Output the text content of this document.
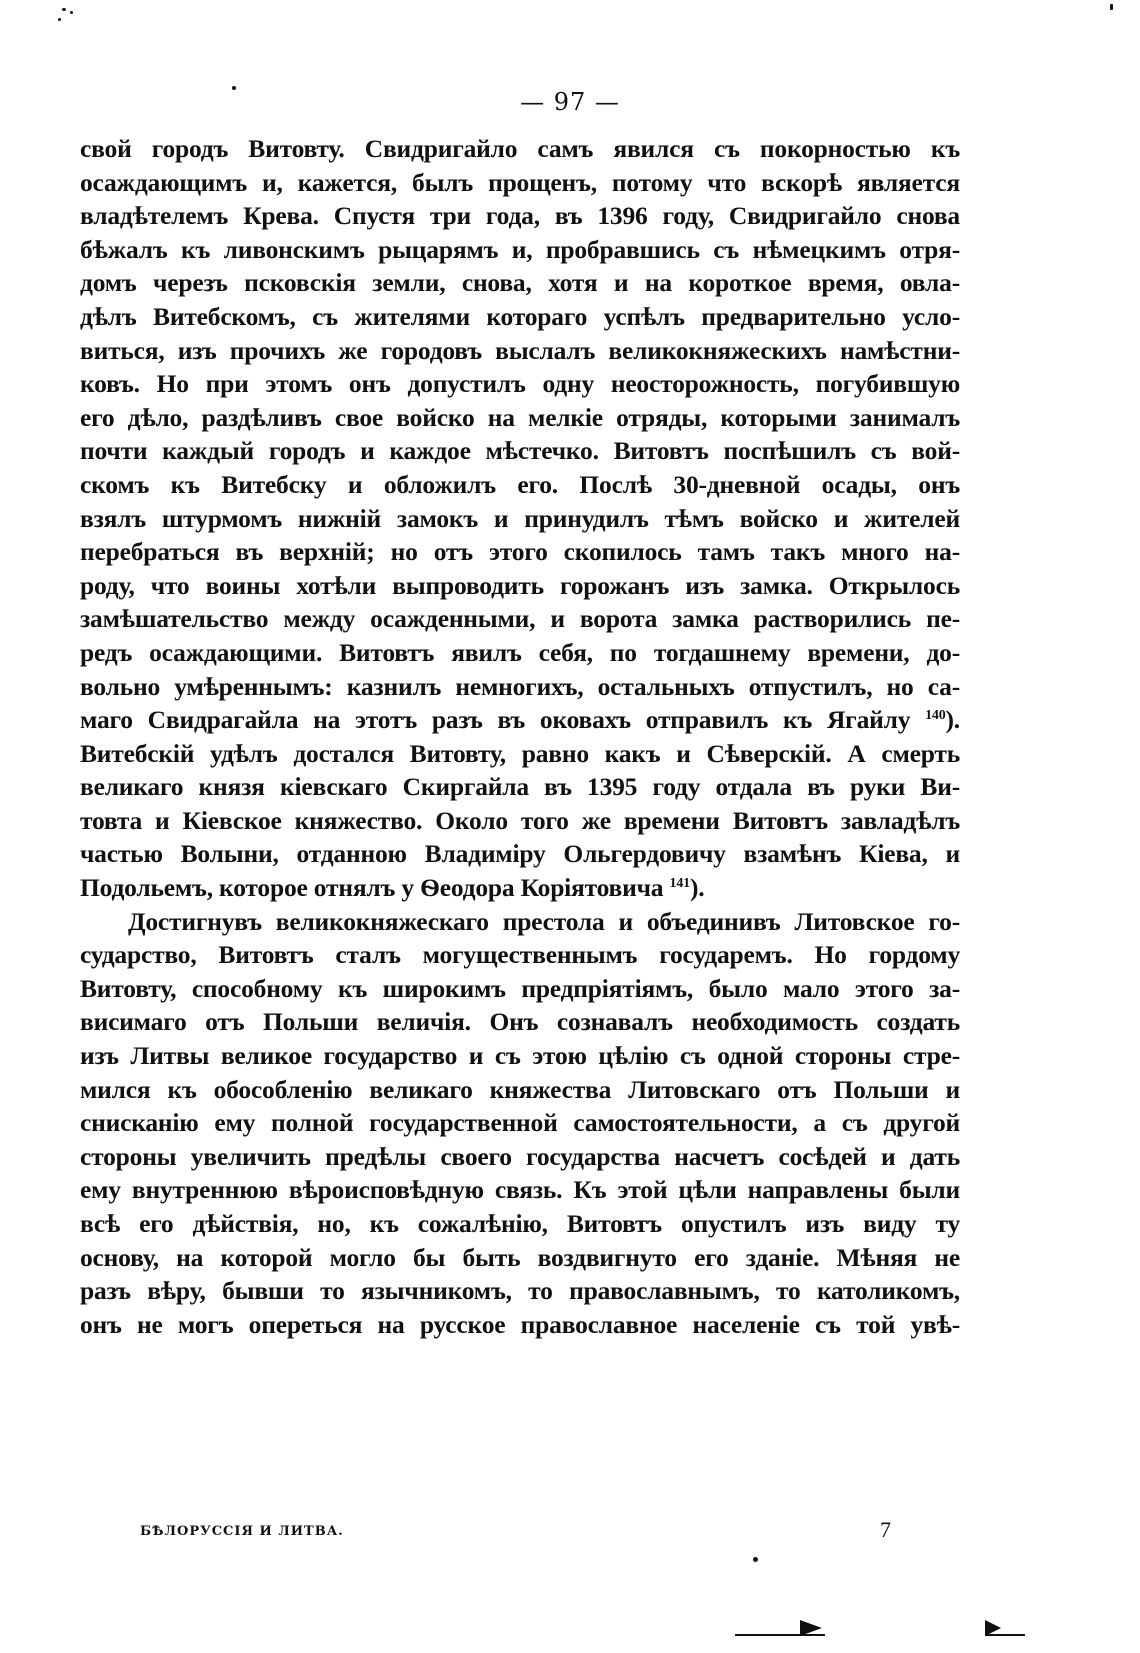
— 97 —
свой городъ Витовту. Свидригайло самъ явился съ покорностью къ
осаждающимъ и, кажется, былъ прощенъ, потому что вскорѣ является
владѣтелемъ Крева. Спустя три года, въ 1396 году, Свидригайло снова
бѣжалъ къ ливонскимъ рыцарямъ и, пробравшись съ нѣмецкимъ отря-
домъ черезъ псковскія земли, снова, хотя и на короткое время, овла-
дѣлъ Витебскомъ, съ жителями котораго успѣлъ предварительно усло-
виться, изъ прочихъ же городовъ выслалъ великокняжескихъ намѣстни-
ковъ. Но при этомъ онъ допустилъ одну неосторожность, погубившую
его дѣло, раздѣливъ свое войско на мелкіе отряды, которыми занималъ
почти каждый городъ и каждое мѣстечко. Витовтъ поспѣшилъ съ вой-
скомъ къ Витебску и обложилъ его. Послѣ 30-дневной осады, онъ
взялъ штурмомъ нижній замокъ и принудилъ тѣмъ войско и жителей
перебраться въ верхній; но отъ этого скопилось тамъ такъ много на-
роду, что воины хотѣли выпроводить горожанъ изъ замка. Открылось
замѣшательство между осажденными, и ворота замка растворились пе-
редъ осаждающими. Витовтъ явилъ себя, по тогдашнему времени, до-
вольно умѣреннымъ: казнилъ немногихъ, остальныхъ отпустилъ, но са-
маго Свидрагайла на этотъ разъ въ оковахъ отправилъ къ Ягайлу $^{140}$).
Витебскій удѣлъ достался Витовту, равно какъ и Сѣверскій. А смерть
великаго князя кіевскаго Скиргайла въ 1395 году отдала въ руки Ви-
товта и Кіевское княжество. Около того же времени Витовтъ завладѣлъ
частью Волыни, отданною Владиміру Ольгердовичу взамѣнъ Кіева, и
Подольемъ, которое отнялъ у Ѳеодора Коріятовича $^{141}$).
Достигнувъ великокняжескаго престола и объединивъ Литовское го-
сударство, Витовтъ сталъ могущественнымъ государемъ. Но гордому
Витовту, способному къ широкимъ предпріятіямъ, было мало этого за-
висимаго отъ Польши величія. Онъ сознавалъ необходимость создать
изъ Литвы великое государство и съ этою цѣлію съ одной стороны стре-
мился къ обособленію великаго княжества Литовскаго отъ Польши и
снисканію ему полной государственной самостоятельности, а съ другой
стороны увеличить предѣлы своего государства насчетъ сосѣдей и дать
ему внутреннюю вѣроисповѣдную связь. Къ этой цѣли направлены были
всѣ его дѣйствія, но, къ сожалѣнію, Витовтъ опустилъ изъ виду ту
основу, на которой могло бы быть воздвигнуто его зданіе. Мѣняя не
разъ вѣру, бывши то язычникомъ, то православнымъ, то католикомъ,
онъ не могъ опереться на русское православное населеніе съ той увѣ-
БѢЛОРУССІЯ И ЛИТВА.	7
